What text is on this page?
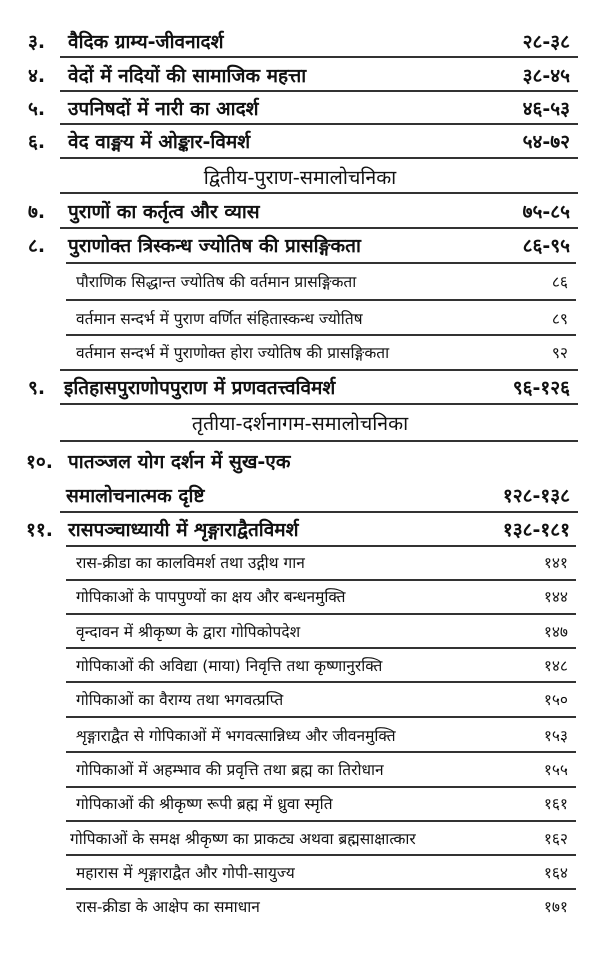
३. वैदिक ग्राम्य-जीवनादर्श	२८-३८
४. वेदों में नदियों की सामाजिक महत्ता	३८-४५
५. उपनिषदों में नारी का आदर्श	४६-५३
६. वेद वाङ्मय में ओङ्कार-विमर्श	५४-७२
द्वितीय-पुराण-समालोचनिका
७. पुराणों का कर्तृत्व और व्यास	७५-८५
८. पुराणोक्त त्रिस्कन्ध ज्योतिष की प्रासङ्गिकता	८६-९५
पौराणिक सिद्धान्त ज्योतिष की वर्तमान प्रासङ्गिकता	८६
वर्तमान सन्दर्भ में पुराण वर्णित संहितास्कन्ध ज्योतिष	८९
वर्तमान सन्दर्भ में पुराणोक्त होरा ज्योतिष की प्रासङ्गिकता	९२
९. इतिहासपुराणोपपुराण में प्रणवतत्त्वविमर्श	९६-१२६
तृतीया-दर्शनागम-समालोचनिका
१०. पातञ्जल योग दर्शन में सुख-एक
समालोचनात्मक दृष्टि	१२८-१३८
११. रासपञ्चाध्यायी में शृङ्गाराद्वैतविमर्श	१३८-१८१
रास-क्रीडा का कालविमर्श तथा उद्गीथ गान	१४१
गोपिकाओं के पापपुण्यों का क्षय और बन्धनमुक्ति	१४४
वृन्दावन में श्रीकृष्ण के द्वारा गोपिकोपदेश	१४७
गोपिकाओं की अविद्या (माया) निवृत्ति तथा कृष्णानुरक्ति	१४८
गोपिकाओं का वैराग्य तथा भगवत्प्रप्ति	१५०
शृङ्गाराद्वैत से गोपिकाओं में भगवत्सान्निध्य और जीवनमुक्ति	१५३
गोपिकाओं में अहम्भाव की प्रवृत्ति तथा ब्रह्म का तिरोधान	१५५
गोपिकाओं की श्रीकृष्ण रूपी ब्रह्म में ध्रुवा स्मृति	१६१
गोपिकाओं के समक्ष श्रीकृष्ण का प्राकट्य अथवा ब्रह्मसाक्षात्कार	१६२
महारास में शृङ्गाराद्वैत और गोपी-सायुज्य	१६४
रास-क्रीडा के आक्षेप का समाधान	१७१
